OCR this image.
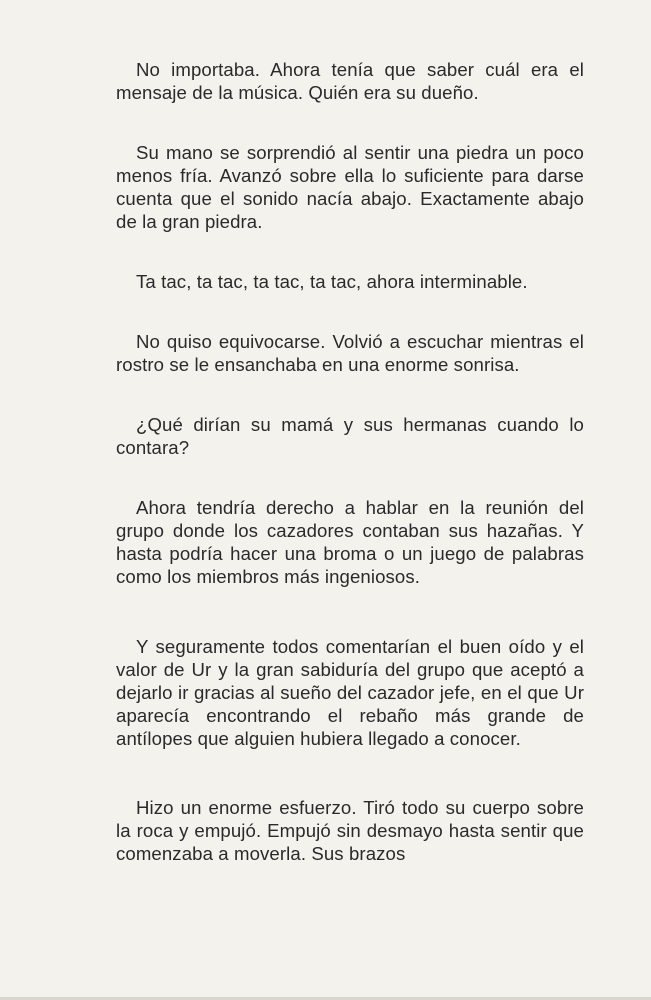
No importaba. Ahora tenía que saber cuál era el mensaje de la música. Quién era su dueño.

Su mano se sorprendió al sentir una piedra un poco menos fría. Avanzó sobre ella lo suficiente para darse cuenta que el sonido nacía abajo. Exactamente abajo de la gran piedra.

Ta tac, ta tac, ta tac, ta tac, ahora interminable.

No quiso equivocarse. Volvió a escuchar mientras el rostro se le ensanchaba en una enorme sonrisa.

¿Qué dirían su mamá y sus hermanas cuando lo contara?

Ahora tendría derecho a hablar en la reunión del grupo donde los cazadores contaban sus hazañas. Y hasta podría hacer una broma o un juego de palabras como los miembros más ingeniosos.

Y seguramente todos comentarían el buen oído y el valor de Ur y la gran sabiduría del grupo que aceptó a dejarlo ir gracias al sueño del cazador jefe, en el que Ur aparecía encontrando el rebaño más grande de antílopes que alguien hubiera llegado a conocer.

Hizo un enorme esfuerzo. Tiró todo su cuerpo sobre la roca y empujó. Empujó sin desmayo hasta sentir que comenzaba a moverla. Sus brazos
